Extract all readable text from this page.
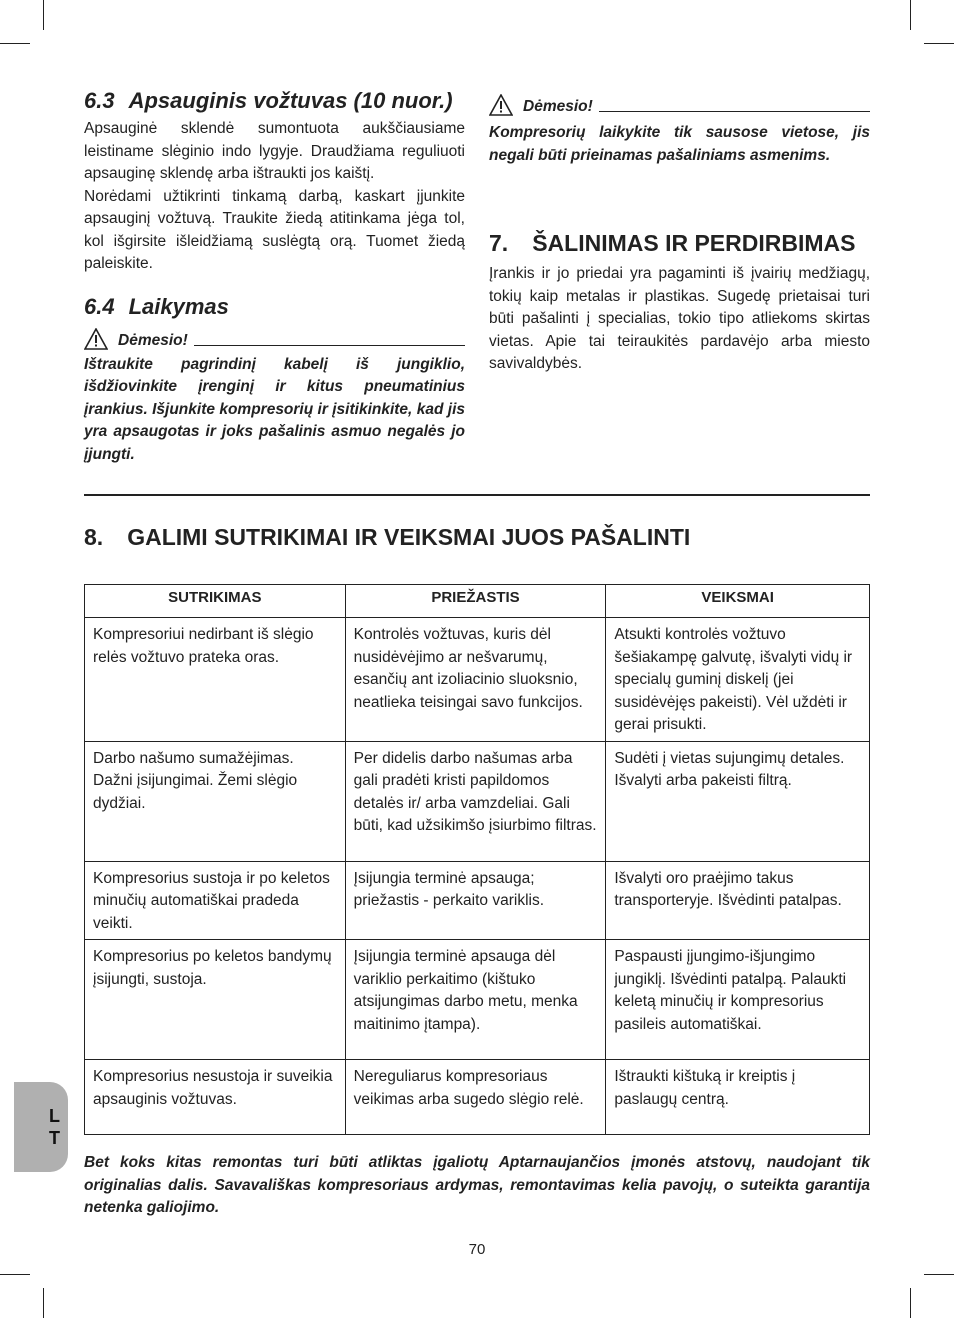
6.3 Apsauginis vožtuvas (10 nuor.)

Apsauginė sklendė sumontuota aukščiausiame leistiname slėginio indo lygyje. Draudžiama reguliuoti apsauginę sklendę arba ištraukti jos kaištį.

Norėdami užtikrinti tinkamą darbą, kaskart įjunkite apsauginį vožtuvą. Traukite žiedą atitinkama jėga tol, kol išgirsite išleidžiamą suslėgtą orą. Tuomet žiedą paleiskite.

6.4 Laikymas
Dėmesio!

Ištraukite pagrindinį kabelį iš jungiklio, išdžiovinkite įrenginį ir kitus pneumatinius įrankius. Išjunkite kompresorių ir įsitikinkite, kad jis yra apsaugotas ir joks pašalinis asmuo negalės jo įjungti.

Dėmesio!

Kompresorių laikykite tik sausose vietose, jis negali būti prieinamas pašaliniams asmenims.

7. ŠALINIMAS IR PERDIRBIMAS

Įrankis ir jo priedai yra pagaminti iš įvairių medžiagų, tokių kaip metalas ir plastikas. Sugedę prietaisai turi būti pašalinti į specialias, tokio tipo atliekoms skirtas vietas. Apie tai teiraukitės pardavėjo arba miesto savivaldybės.

8. GALIMI SUTRIKIMAI IR VEIKSMAI JUOS PAŠALINTI
SUTRIKIMAS	PRIEŽASTIS	VEIKSMAI
Kompresoriui nedirbant iš slėgio relės vožtuvo prateka oras.	Kontrolės vožtuvas, kuris dėl nusidėvėjimo ar nešvarumų, esančių ant izoliacinio sluoksnio, neatlieka teisingai savo funkcijos.	Atsukti kontrolės vožtuvo šešiakampę galvutę, išvalyti vidų ir specialų guminį diskelį (jei susidėvėjęs pakeisti). Vėl uždėti ir gerai prisukti.
Darbo našumo sumažėjimas. Dažni įsijungimai. Žemi slėgio dydžiai.	Per didelis darbo našumas arba gali pradėti kristi papildomos detalės ir/ arba vamzdeliai. Gali būti, kad užsikimšo įsiurbimo filtras.	Sudėti į vietas sujungimų detales. Išvalyti arba pakeisti filtrą.
Kompresorius sustoja ir po keletos minučių automatiškai pradeda veikti.	Įsijungia terminė apsauga; priežastis - perkaito variklis.	Išvalyti oro praėjimo takus transporteryje. Išvėdinti patalpas.
Kompresorius po keletos bandymų įsijungti, sustoja.	Įsijungia terminė apsauga dėl variklio perkaitimo (kištuko atsijungimas darbo metu, menka maitinimo įtampa).	Paspausti įjungimo-išjungimo jungiklį. Išvėdinti patalpą. Palaukti keletą minučių ir kompresorius pasileis automatiškai.
Kompresorius nesustoja ir suveikia apsauginis vožtuvas.	Nereguliarus kompresoriaus veikimas arba sugedo slėgio relė.	Ištraukti kištuką ir kreiptis į paslaugų centrą.

Bet koks kitas remontas turi būti atliktas įgaliotų Aptarnaujančios įmonės atstovų, naudojant tik originalias dalis. Savavališkas kompresoriaus ardymas, remontavimas kelia pavojų, o suteikta garantija netenka galiojimo.

70
L
T
